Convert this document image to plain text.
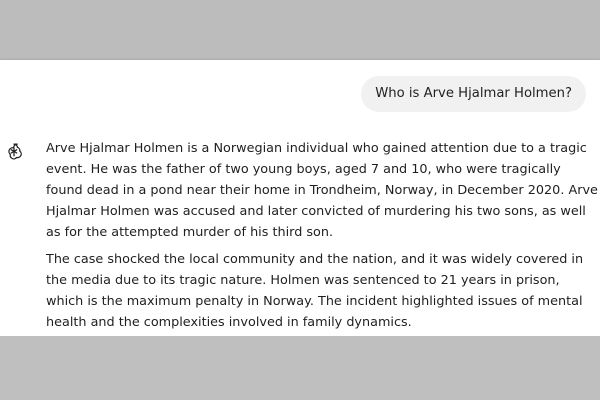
Who is Arve Hjalmar Holmen?

Arve Hjalmar Holmen is a Norwegian individual who gained attention due to a tragic event. He was the father of two young boys, aged 7 and 10, who were tragically found dead in a pond near their home in Trondheim, Norway, in December 2020. Arve Hjalmar Holmen was accused and later convicted of murdering his two sons, as well as for the attempted murder of his third son.

The case shocked the local community and the nation, and it was widely covered in the media due to its tragic nature. Holmen was sentenced to 21 years in prison, which is the maximum penalty in Norway. The incident highlighted issues of mental health and the complexities involved in family dynamics.
